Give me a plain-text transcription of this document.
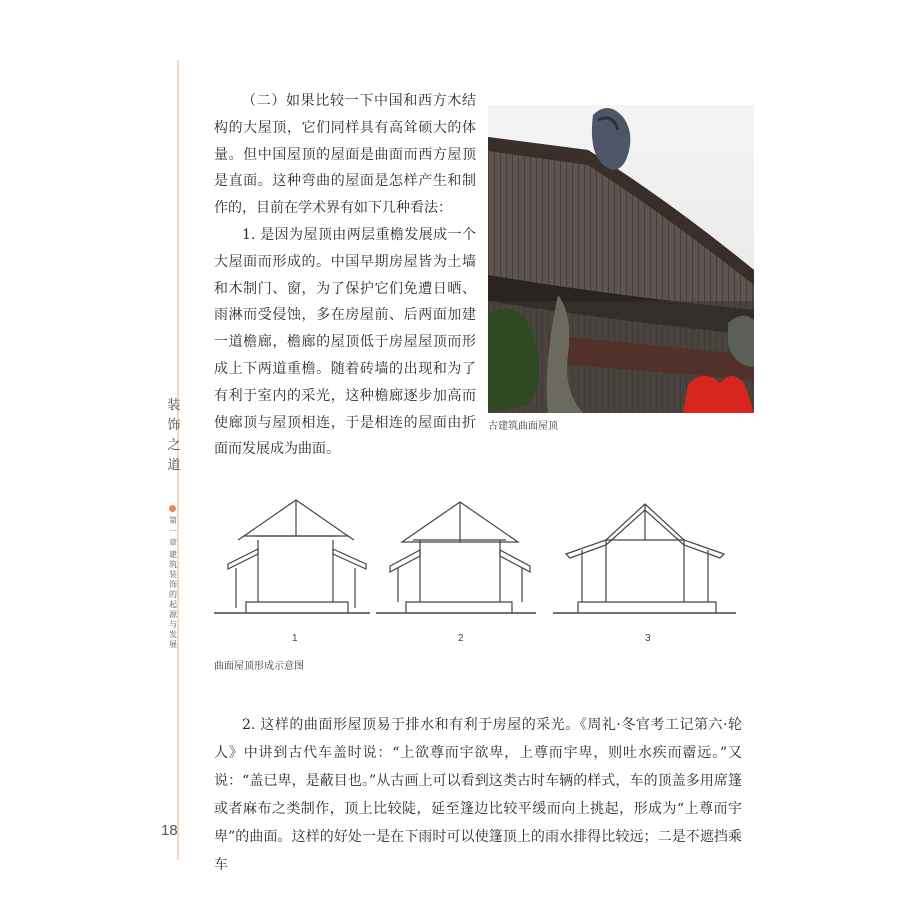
装饰之道
第一章
建筑装饰的起源与发展
18

（二）如果比较一下中国和西方木结构的大屋顶，它们同样具有高耸硕大的体量。但中国屋顶的屋面是曲面而西方屋顶是直面。这种弯曲的屋面是怎样产生和制作的，目前在学术界有如下几种看法：

1. 是因为屋顶由两层重檐发展成一个大屋面而形成的。中国早期房屋皆为土墙和木制门、窗，为了保护它们免遭日晒、雨淋而受侵蚀，多在房屋前、后两面加建一道檐廊，檐廊的屋顶低于房屋屋顶而形成上下两道重檐。随着砖墙的出现和为了有利于室内的采光，这种檐廊逐步加高而使廊顶与屋顶相连，于是相连的屋面由折面而发展成为曲面。

古建筑曲面屋顶
1	2	3
曲面屋顶形成示意图

2. 这样的曲面形屋顶易于排水和有利于房屋的采光。《周礼·冬官考工记第六·轮人》中讲到古代车盖时说：“上欲尊而宇欲卑，上尊而宇卑，则吐水疾而霤远。”又说：“盖已卑，是蔽目也。”从古画上可以看到这类古时车辆的样式，车的顶盖多用席篷或者麻布之类制作，顶上比较陡，延至篷边比较平缓而向上挑起，形成为“上尊而宇卑”的曲面。这样的好处一是在下雨时可以使篷顶上的雨水排得比较远；二是不遮挡乘车
